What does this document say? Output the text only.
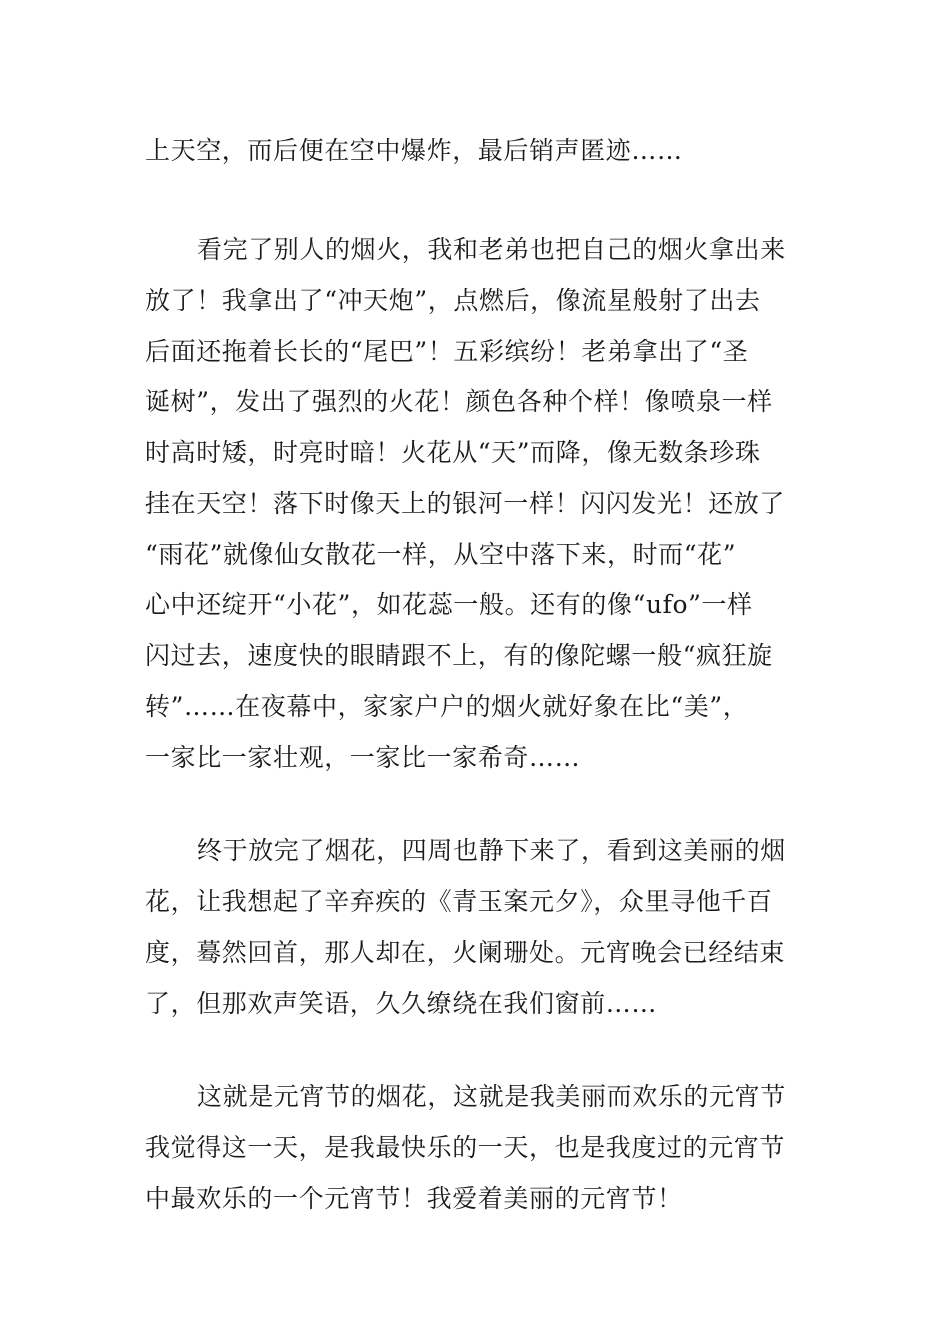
上天空，而后便在空中爆炸，最后销声匿迹……
看完了别人的烟火，我和老弟也把自己的烟火拿出来
放了！我拿出了“冲天炮”，点燃后，像流星般射了出去
后面还拖着长长的“尾巴”！五彩缤纷！老弟拿出了“圣
诞树”，发出了强烈的火花！颜色各种个样！像喷泉一样
时高时矮，时亮时暗！火花从“天”而降，像无数条珍珠
挂在天空！落下时像天上的银河一样！闪闪发光！还放了
“雨花”就像仙女散花一样，从空中落下来，时而“花”
心中还绽开“小花”，如花蕊一般。还有的像“ufo”一样
闪过去，速度快的眼睛跟不上，有的像陀螺一般“疯狂旋
转”……在夜幕中，家家户户的烟火就好象在比“美”，
一家比一家壮观，一家比一家希奇……
终于放完了烟花，四周也静下来了，看到这美丽的烟
花，让我想起了辛弃疾的《青玉案元夕》，众里寻他千百
度，蓦然回首，那人却在，火阑珊处。元宵晚会已经结束
了，但那欢声笑语，久久缭绕在我们窗前……
这就是元宵节的烟花，这就是我美丽而欢乐的元宵节
我觉得这一天，是我最快乐的一天，也是我度过的元宵节
中最欢乐的一个元宵节！我爱着美丽的元宵节！
